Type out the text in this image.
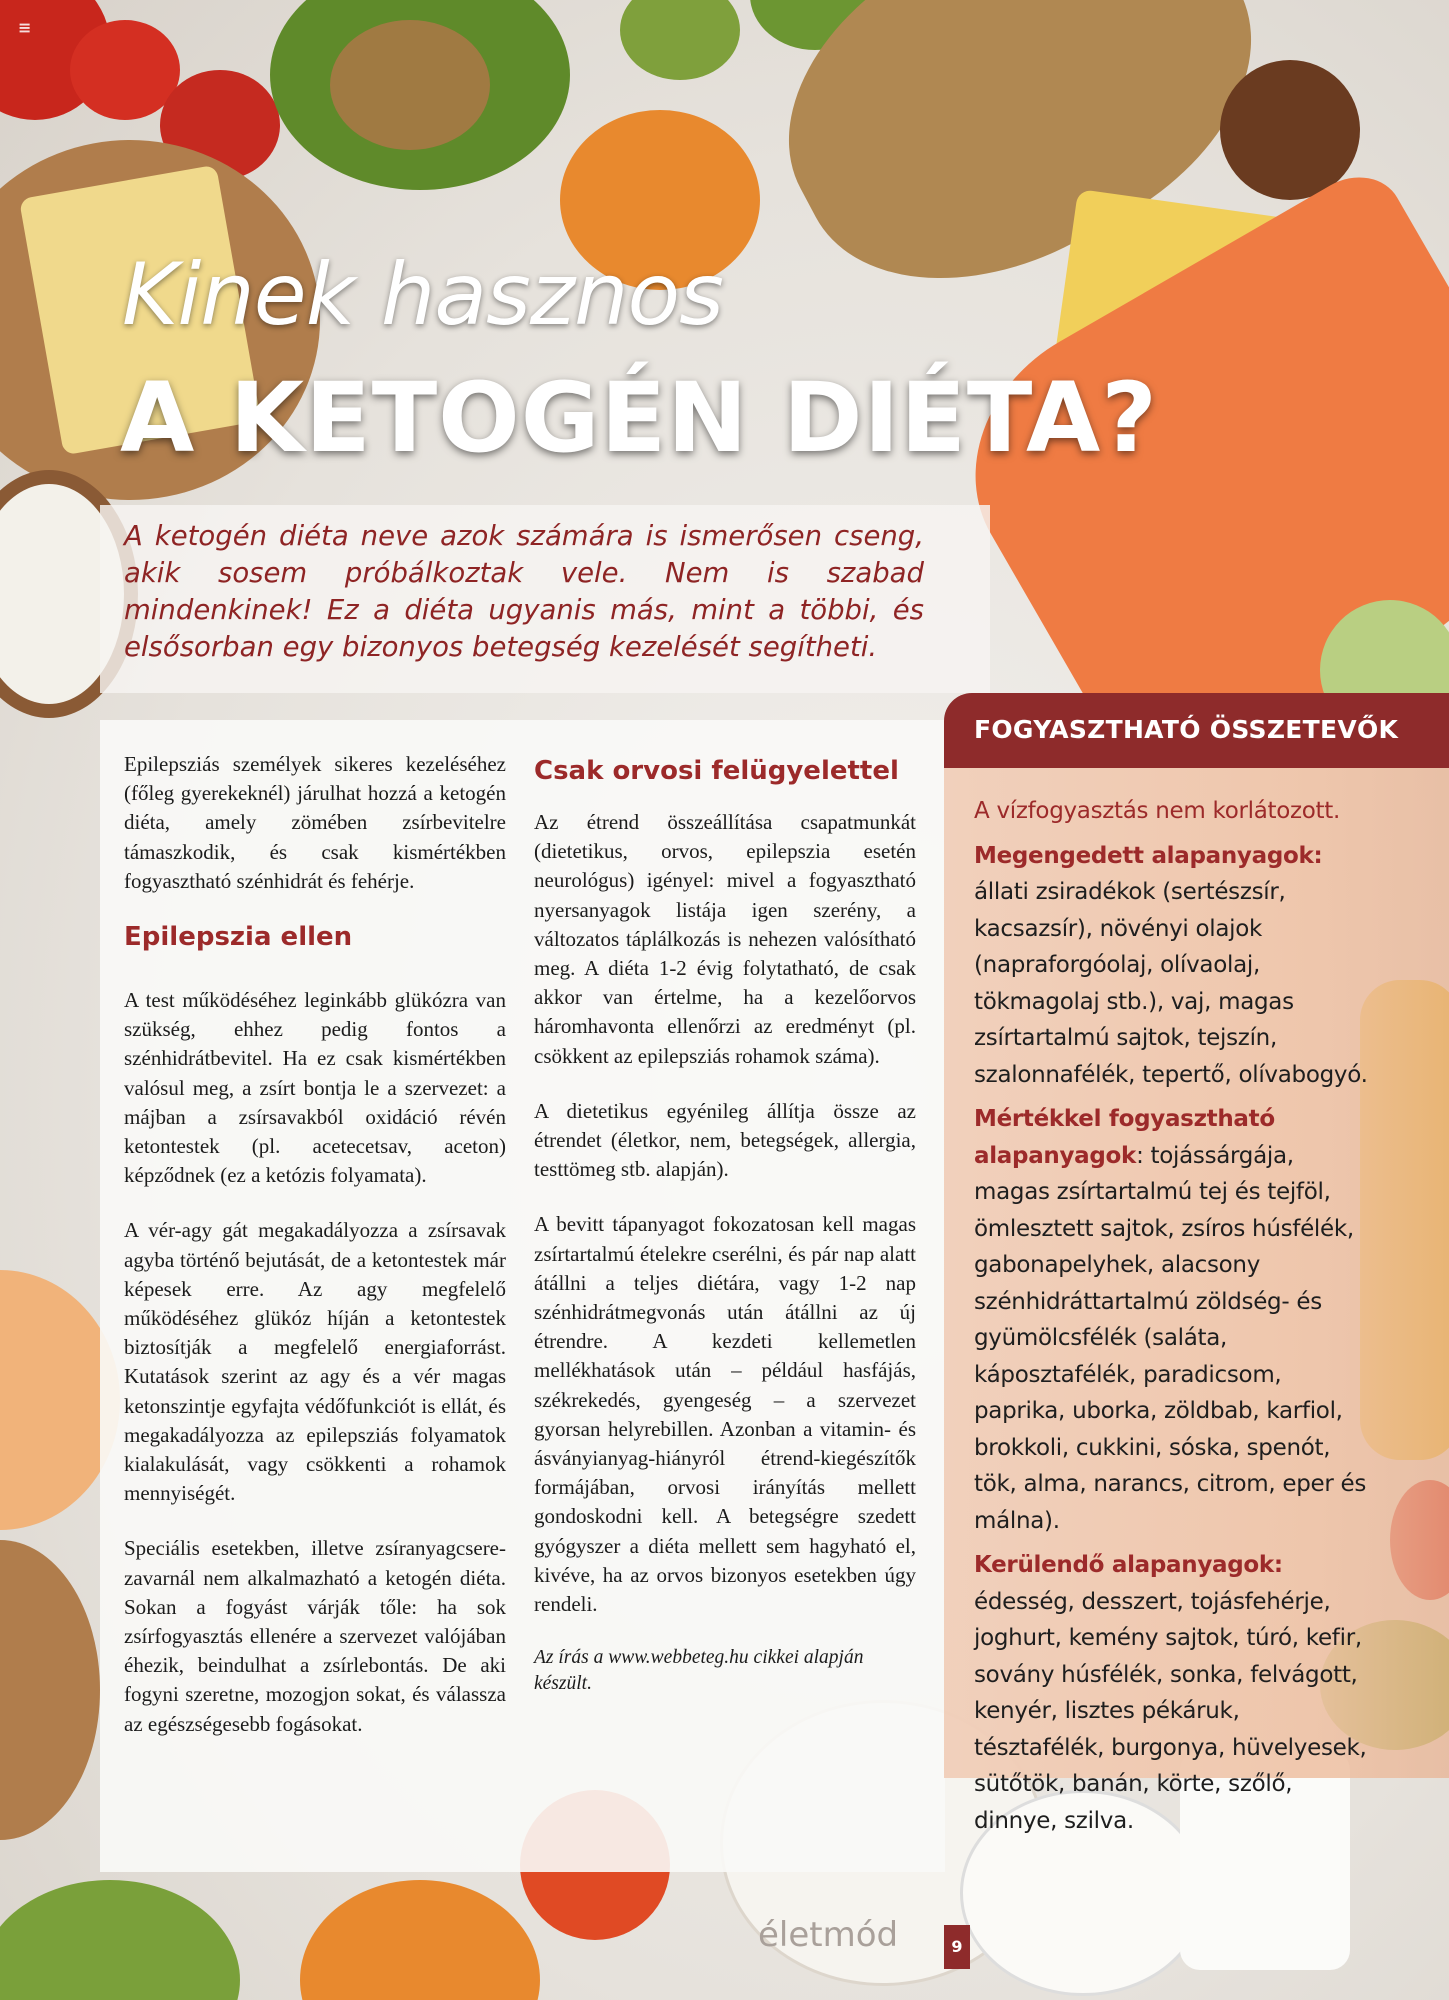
≡
Kinek hasznos
A KETOGÉN DIÉTA?

A ketogén diéta neve azok számára is ismerősen cseng, akik sosem próbálkoztak vele. Nem is szabad mindenkinek! Ez a diéta ugyanis más, mint a többi, és elsősorban egy bizonyos betegség kezelését segítheti.

Epilepsziás személyek sikeres kezeléséhez (főleg gyerekeknél) járulhat hozzá a ketogén diéta, amely zömében zsírbevitelre támaszkodik, és csak kismértékben fogyasztható szénhidrát és fehérje.

Epilepszia ellen

A test működéséhez leginkább glükózra van szükség, ehhez pedig fontos a szénhidrátbevitel. Ha ez csak kismértékben valósul meg, a zsírt bontja le a szervezet: a májban a zsírsavakból oxidáció révén ketontestek (pl. acetecetsav, aceton) képződnek (ez a ketózis folyamata).

A vér-agy gát megakadályozza a zsírsavak agyba történő bejutását, de a ketontestek már képesek erre. Az agy megfelelő működéséhez glükóz híján a ketontestek biztosítják a megfelelő energiaforrást. Kutatások szerint az agy és a vér magas ketonszintje egyfajta védőfunkciót is ellát, és megakadályozza az epilepsziás folyamatok kialakulását, vagy csökkenti a rohamok mennyiségét.

Speciális esetekben, illetve zsíranyagcsere-zavarnál nem alkalmazható a ketogén diéta. Sokan a fogyást várják tőle: ha sok zsírfogyasztás ellenére a szervezet valójában éhezik, beindulhat a zsírlebontás. De aki fogyni szeretne, mozogjon sokat, és válassza az egészségesebb fogásokat.

Csak orvosi felügyelettel

Az étrend összeállítása csapatmunkát (dietetikus, orvos, epilepszia esetén neurológus) igényel: mivel a fogyasztható nyersanyagok listája igen szerény, a változatos táplálkozás is nehezen valósítható meg. A diéta 1-2 évig folytatható, de csak akkor van értelme, ha a kezelőorvos háromhavonta ellenőrzi az eredményt (pl. csökkent az epilepsziás rohamok száma).

A dietetikus egyénileg állítja össze az étrendet (életkor, nem, betegségek, allergia, testtömeg stb. alapján).

A bevitt tápanyagot fokozatosan kell magas zsírtartalmú ételekre cserélni, és pár nap alatt átállni a teljes diétára, vagy 1-2 nap szénhidrátmegvonás után átállni az új étrendre. A kezdeti kellemetlen mellékhatások után – például hasfájás, székrekedés, gyengeség – a szervezet gyorsan helyrebillen. Azonban a vitamin- és ásványianyag-hiányról étrend-kiegészítők formájában, orvosi irányítás mellett gondoskodni kell. A betegségre szedett gyógyszer a diéta mellett sem hagyható el, kivéve, ha az orvos bizonyos esetekben úgy rendeli.

Az írás a www.webbeteg.hu cikkei alapján készült.

FOGYASZTHATÓ ÖSSZETEVŐK

A vízfogyasztás nem korlátozott.

Megengedett alapanyagok: állati zsiradékok (sertészsír, kacsazsír), növényi olajok (napraforgóolaj, olívaolaj, tökmagolaj stb.), vaj, magas zsírtartalmú sajtok, tejszín, szalonnafélék, tepertő, olívabogyó.

Mértékkel fogyasztható alapanyagok: tojássárgája, magas zsírtartalmú tej és tejföl, ömlesztett sajtok, zsíros húsfélék, gabonapelyhek, alacsony szénhidráttartalmú zöldség- és gyümölcsfélék (saláta, káposztafélék, paradicsom, paprika, uborka, zöldbab, karfiol, brokkoli, cukkini, sóska, spenót, tök, alma, narancs, citrom, eper és málna).

Kerülendő alapanyagok: édesség, desszert, tojásfehérje, joghurt, kemény sajtok, túró, kefir, sovány húsfélék, sonka, felvágott, kenyér, lisztes pékáruk, tésztafélék, burgonya, hüvelyesek, sütőtök, banán, körte, szőlő, dinnye, szilva.

életmód	9
